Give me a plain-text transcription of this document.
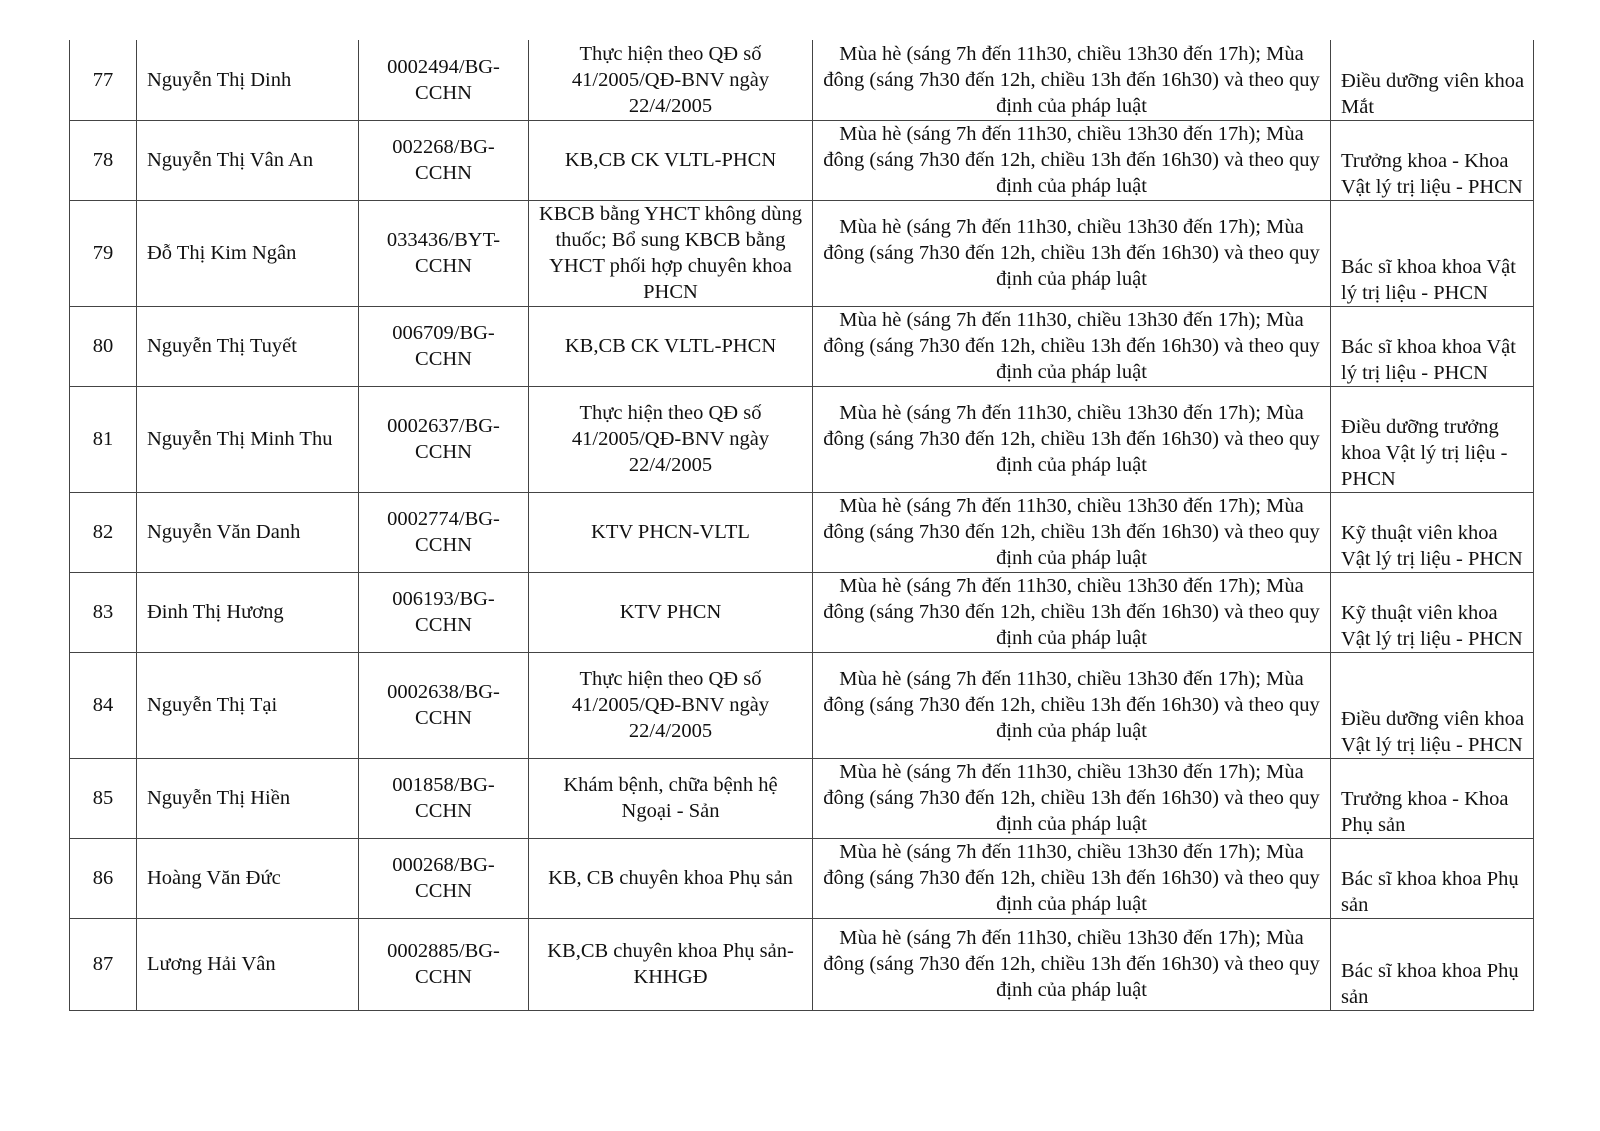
77	Nguyễn Thị Dinh	0002494/BG-CCHN	Thực hiện theo QĐ số 41/2005/QĐ-BNV ngày 22/4/2005	Mùa hè (sáng 7h đến 11h30, chiều 13h30 đến 17h); Mùa đông (sáng 7h30 đến 12h, chiều 13h đến 16h30) và theo quy định của pháp luật	Điều dưỡng viên khoa Mắt
78	Nguyễn Thị Vân An	002268/BG-CCHN	KB,CB CK VLTL-PHCN	Mùa hè (sáng 7h đến 11h30, chiều 13h30 đến 17h); Mùa đông (sáng 7h30 đến 12h, chiều 13h đến 16h30) và theo quy định của pháp luật	Trưởng khoa - Khoa Vật lý trị liệu - PHCN
79	Đỗ Thị Kim Ngân	033436/BYT-CCHN	KBCB bằng YHCT không dùng thuốc; Bổ sung KBCB bằng YHCT phối hợp chuyên khoa PHCN	Mùa hè (sáng 7h đến 11h30, chiều 13h30 đến 17h); Mùa đông (sáng 7h30 đến 12h, chiều 13h đến 16h30) và theo quy định của pháp luật	Bác sĩ khoa khoa Vật lý trị liệu - PHCN
80	Nguyễn Thị Tuyết	006709/BG-CCHN	KB,CB CK VLTL-PHCN	Mùa hè (sáng 7h đến 11h30, chiều 13h30 đến 17h); Mùa đông (sáng 7h30 đến 12h, chiều 13h đến 16h30) và theo quy định của pháp luật	Bác sĩ khoa khoa Vật lý trị liệu - PHCN
81	Nguyễn Thị Minh Thu	0002637/BG-CCHN	Thực hiện theo QĐ số 41/2005/QĐ-BNV ngày 22/4/2005	Mùa hè (sáng 7h đến 11h30, chiều 13h30 đến 17h); Mùa đông (sáng 7h30 đến 12h, chiều 13h đến 16h30) và theo quy định của pháp luật	Điều dưỡng trưởng khoa Vật lý trị liệu - PHCN
82	Nguyễn Văn Danh	0002774/BG-CCHN	KTV PHCN-VLTL	Mùa hè (sáng 7h đến 11h30, chiều 13h30 đến 17h); Mùa đông (sáng 7h30 đến 12h, chiều 13h đến 16h30) và theo quy định của pháp luật	Kỹ thuật viên khoa Vật lý trị liệu - PHCN
83	Đinh Thị Hương	006193/BG-CCHN	KTV PHCN	Mùa hè (sáng 7h đến 11h30, chiều 13h30 đến 17h); Mùa đông (sáng 7h30 đến 12h, chiều 13h đến 16h30) và theo quy định của pháp luật	Kỹ thuật viên khoa Vật lý trị liệu - PHCN
84	Nguyễn Thị Tại	0002638/BG-CCHN	Thực hiện theo QĐ số 41/2005/QĐ-BNV ngày 22/4/2005	Mùa hè (sáng 7h đến 11h30, chiều 13h30 đến 17h); Mùa đông (sáng 7h30 đến 12h, chiều 13h đến 16h30) và theo quy định của pháp luật	Điều dưỡng viên khoa Vật lý trị liệu - PHCN
85	Nguyễn Thị Hiền	001858/BG-CCHN	Khám bệnh, chữa bệnh hệ Ngoại - Sản	Mùa hè (sáng 7h đến 11h30, chiều 13h30 đến 17h); Mùa đông (sáng 7h30 đến 12h, chiều 13h đến 16h30) và theo quy định của pháp luật	Trưởng khoa - Khoa Phụ sản
86	Hoàng Văn Đức	000268/BG-CCHN	KB, CB chuyên khoa Phụ sản	Mùa hè (sáng 7h đến 11h30, chiều 13h30 đến 17h); Mùa đông (sáng 7h30 đến 12h, chiều 13h đến 16h30) và theo quy định của pháp luật	Bác sĩ khoa khoa Phụ sản
87	Lương Hải Vân	0002885/BG-CCHN	KB,CB chuyên khoa Phụ sản-KHHGĐ	Mùa hè (sáng 7h đến 11h30, chiều 13h30 đến 17h); Mùa đông (sáng 7h30 đến 12h, chiều 13h đến 16h30) và theo quy định của pháp luật	Bác sĩ khoa khoa Phụ sản
